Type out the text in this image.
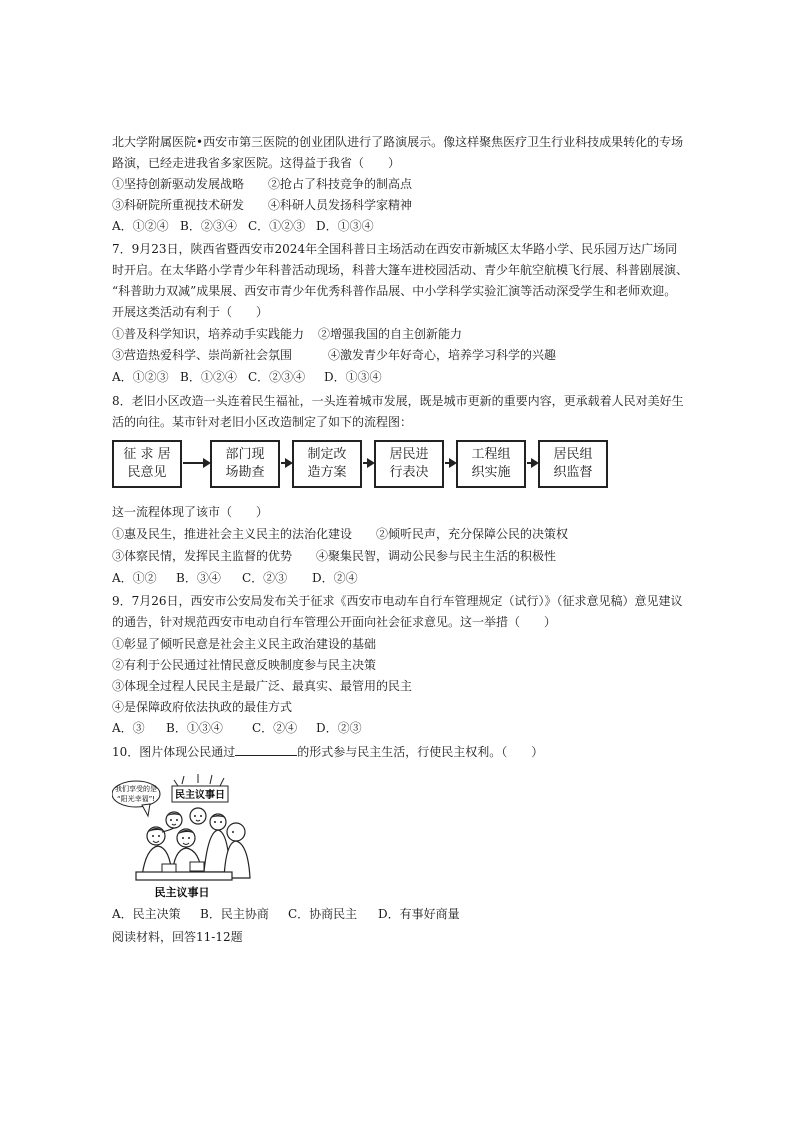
北大学附属医院•西安市第三医院的创业团队进行了路演展示。像这样聚焦医疗卫生行业科技成果转化的专场
路演，已经走进我省多家医院。这得益于我省（　　）
①坚持创新驱动发展战略 ②抢占了科技竞争的制高点
③科研院所重视技术研发 ④科研人员发扬科学家精神
A．①②④ B．②③④ C．①②③ D．①③④
7．9月23日，陕西省暨西安市2024年全国科普日主场活动在西安市新城区太华路小学、民乐园万达广场同
时开启。在太华路小学青少年科普活动现场，科普大篷车进校园活动、青少年航空航模飞行展、科普剧展演、
“科普助力双减”成果展、西安市青少年优秀科普作品展、中小学科学实验汇演等活动深受学生和老师欢迎。
开展这类活动有利于（　　）
①普及科学知识，培养动手实践能力 ②增强我国的自主创新能力
③营造热爱科学、崇尚新社会氛围	④激发青少年好奇心，培养学习科学的兴趣
A．①②③ B．①②④ C．②③④ D．①③④
8．老旧小区改造一头连着民生福祉，一头连着城市发展，既是城市更新的重要内容，更承载着人民对美好生
活的向往。某市针对老旧小区改造制定了如下的流程图：
征 求 居
民意见
部门现
场勘查
制定改
造方案
居民进
行表决
工程组
织实施
居民组
织监督
这一流程体现了该市（　　）
①惠及民生，推进社会主义民主的法治化建设 ②倾听民声，充分保障公民的决策权
③体察民情，发挥民主监督的优势 ④聚集民智，调动公民参与民主生活的积极性
A．①② B．③④ C．②③ D．②④
9．7月26日，西安市公安局发布关于征求《西安市电动车自行车管理规定（试行）》（征求意见稿）意见建议
的通告，针对规范西安市电动自行车管理公开面向社会征求意见。这一举措（　　）
①彰显了倾听民意是社会主义民主政治建设的基础
②有利于公民通过社情民意反映制度参与民主决策
③体现全过程人民民主是最广泛、最真实、最管用的民主
④是保障政府依法执政的最佳方式
A．③ B．①③④ C．②④ D．②③
10．图片体现公民通过	的形式参与民主生活，行使民主权利。（　　）
我们享受的是
“阳光幸福”! 民主议事日
民主议事日
A．民主决策 B．民主协商 C．协商民主 D．有事好商量
阅读材料，回答11-12题
